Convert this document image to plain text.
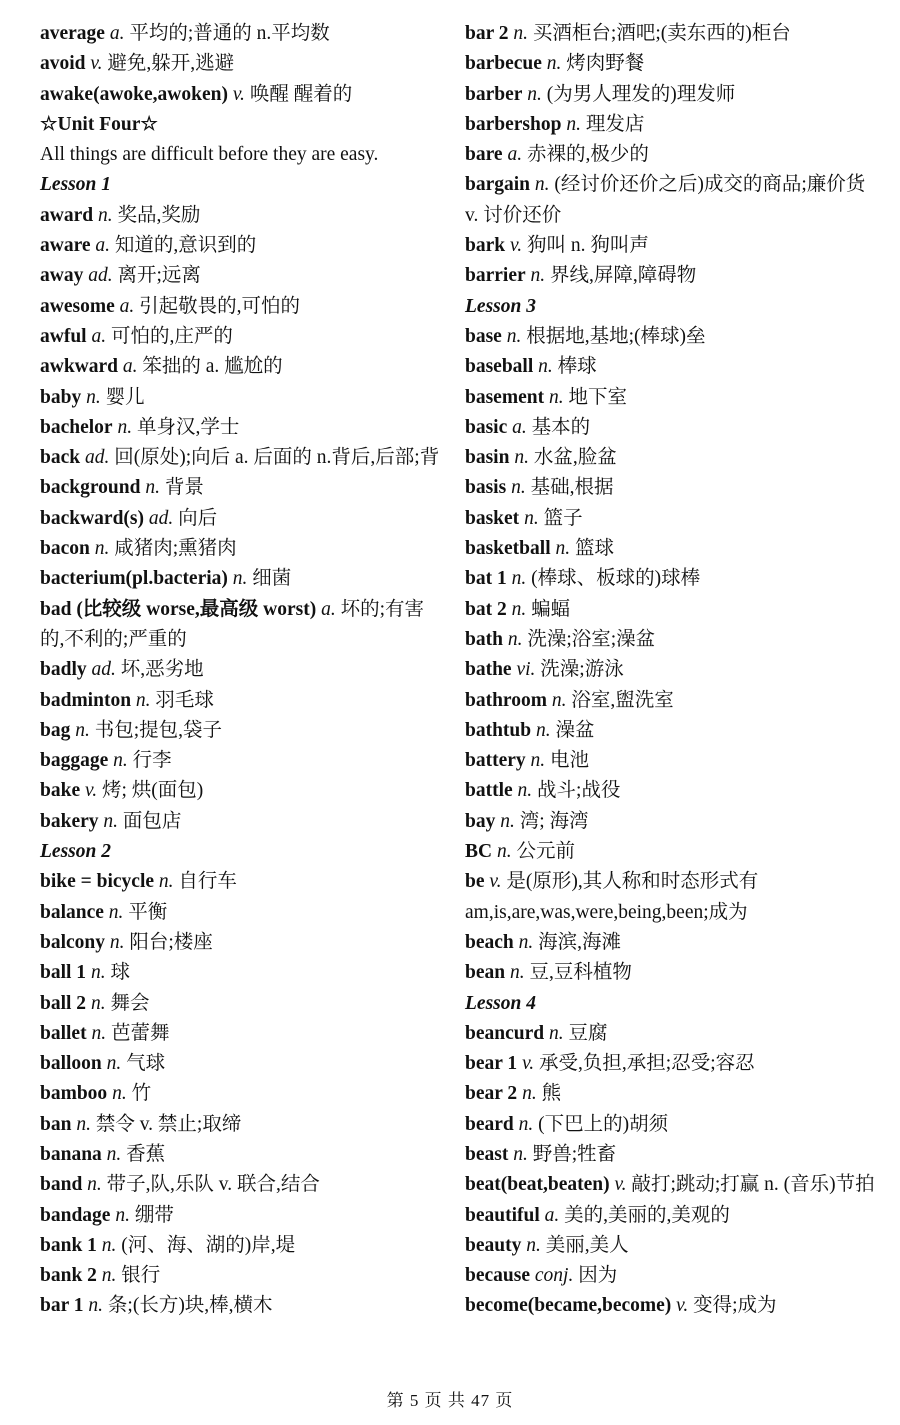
average a. 平均的;普通的 n.平均数
avoid v. 避免,躲开,逃避
awake(awoke,awoken) v. 唤醒 醒着的
☆Unit Four☆
All things are difficult before they are easy.
Lesson 1
award n. 奖品,奖励
aware a. 知道的,意识到的
away ad. 离开;远离
awesome a. 引起敬畏的,可怕的
awful a. 可怕的,庄严的
awkward a. 笨拙的 a. 尴尬的
baby n. 婴儿
bachelor n. 单身汉,学士
back ad. 回(原处);向后 a. 后面的 n.背后,后部;背
background n. 背景
backward(s) ad. 向后
bacon n. 咸猪肉;熏猪肉
bacterium(pl.bacteria) n. 细菌
bad (比较级 worse,最高级 worst) a. 坏的;有害的,不利的;严重的
badly ad. 坏,恶劣地
badminton n. 羽毛球
bag n. 书包;提包,袋子
baggage n. 行李
bake v. 烤; 烘(面包)
bakery n. 面包店
Lesson 2
bike = bicycle n. 自行车
balance n. 平衡
balcony n. 阳台;楼座
ball 1 n. 球
ball 2 n. 舞会
ballet n. 芭蕾舞
balloon n. 气球
bamboo n. 竹
ban n. 禁令 v. 禁止;取缔
banana n. 香蕉
band n. 带子,队,乐队 v. 联合,结合
bandage n. 绷带
bank 1 n. (河、海、湖的)岸,堤
bank 2 n. 银行
bar 1 n. 条;(长方)块,棒,横木
bar 2 n. 买酒柜台;酒吧;(卖东西的)柜台
barbecue n. 烤肉野餐
barber n. (为男人理发的)理发师
barbershop n. 理发店
bare a. 赤裸的,极少的
bargain n. (经讨价还价之后)成交的商品;廉价货 v. 讨价还价
bark v. 狗叫 n. 狗叫声
barrier n. 界线,屏障,障碍物
Lesson 3
base n. 根据地,基地;(棒球)垒
baseball n. 棒球
basement n. 地下室
basic a. 基本的
basin n. 水盆,脸盆
basis n. 基础,根据
basket n. 篮子
basketball n. 篮球
bat 1 n. (棒球、板球的)球棒
bat 2 n. 蝙蝠
bath n. 洗澡;浴室;澡盆
bathe vi. 洗澡;游泳
bathroom n. 浴室,盥洗室
bathtub n. 澡盆
battery n. 电池
battle n. 战斗;战役
bay n. 湾; 海湾
BC n. 公元前
be v. 是(原形),其人称和时态形式有 am,is,are,was,were,being,been;成为
beach n. 海滨,海滩
bean n. 豆,豆科植物
Lesson 4
beancurd n. 豆腐
bear 1 v. 承受,负担,承担;忍受;容忍
bear 2 n. 熊
beard n. (下巴上的)胡须
beast n. 野兽;牲畜
beat(beat,beaten) v. 敲打;跳动;打赢 n. (音乐)节拍
beautiful a. 美的,美丽的,美观的
beauty n. 美丽,美人
because conj. 因为
become(became,become) v. 变得;成为
第 5 页 共 47 页
